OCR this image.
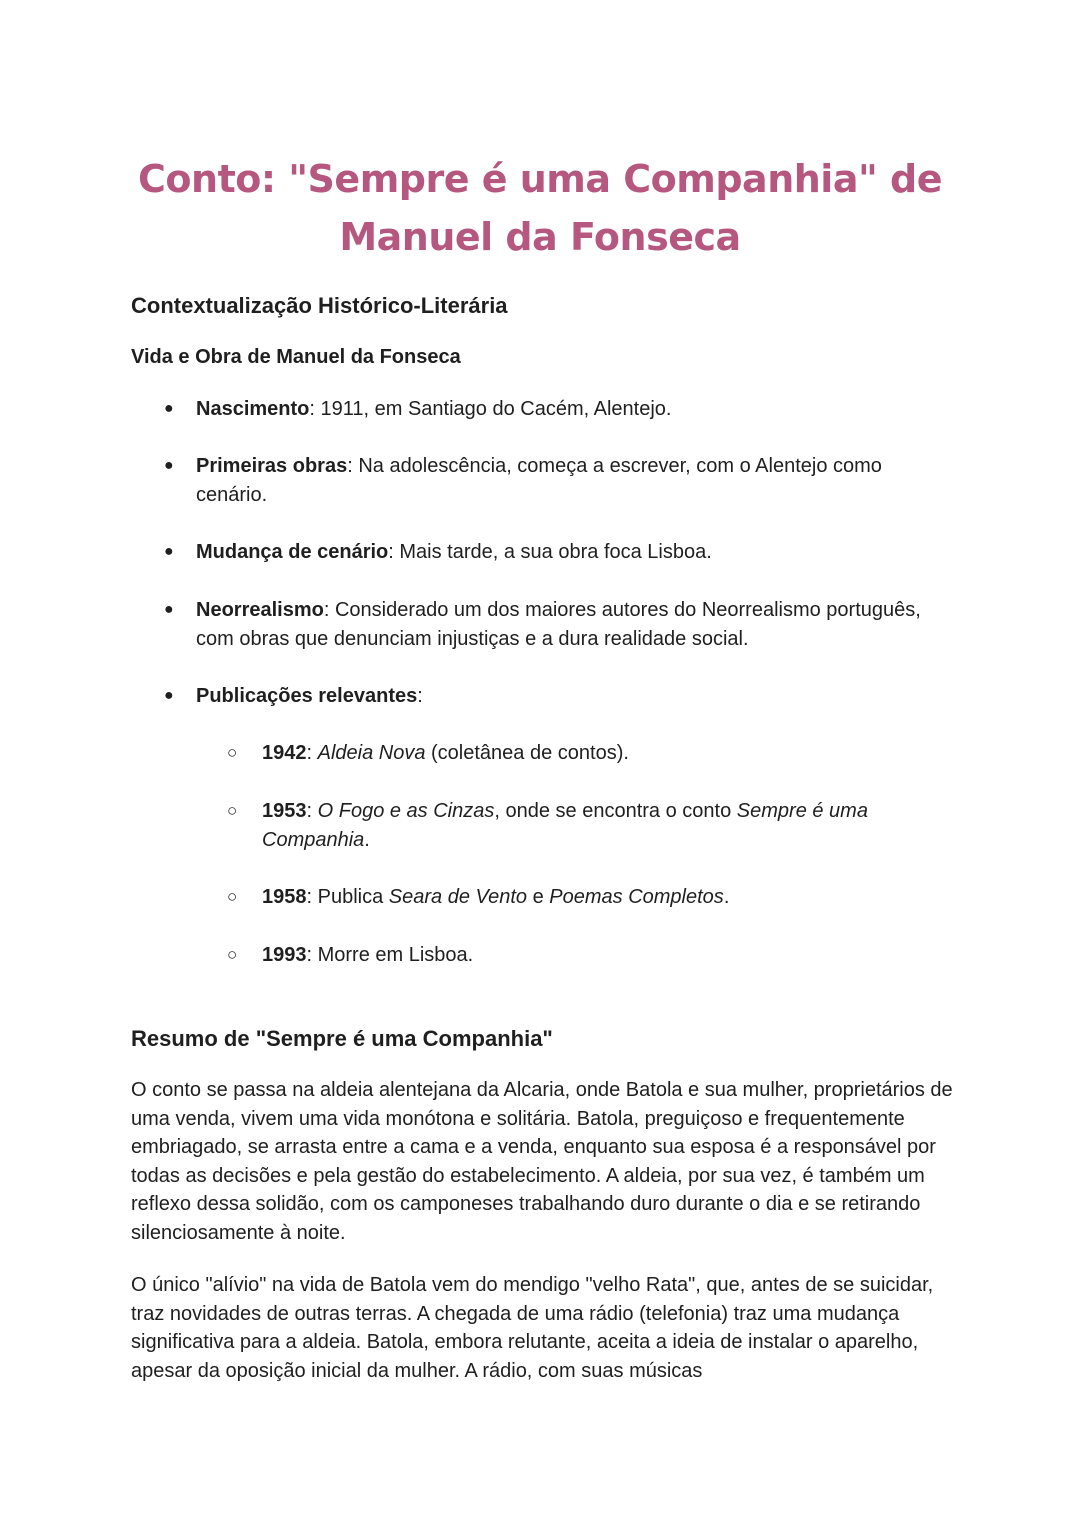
Conto: "Sempre é uma Companhia" de Manuel da Fonseca
Contextualização Histórico-Literária
Vida e Obra de Manuel da Fonseca
● Nascimento: 1911, em Santiago do Cacém, Alentejo.
● Primeiras obras: Na adolescência, começa a escrever, com o Alentejo como cenário.
● Mudança de cenário: Mais tarde, a sua obra foca Lisboa.
● Neorrealismo: Considerado um dos maiores autores do Neorrealismo português, com obras que denunciam injustiças e a dura realidade social.
● Publicações relevantes:
○ 1942: Aldeia Nova (coletânea de contos).
○ 1953: O Fogo e as Cinzas, onde se encontra o conto Sempre é uma Companhia.
○ 1958: Publica Seara de Vento e Poemas Completos.
○ 1993: Morre em Lisboa.
Resumo de "Sempre é uma Companhia"

O conto se passa na aldeia alentejana da Alcaria, onde Batola e sua mulher, proprietários de uma venda, vivem uma vida monótona e solitária. Batola, preguiçoso e frequentemente embriagado, se arrasta entre a cama e a venda, enquanto sua esposa é a responsável por todas as decisões e pela gestão do estabelecimento. A aldeia, por sua vez, é também um reflexo dessa solidão, com os camponeses trabalhando duro durante o dia e se retirando silenciosamente à noite.

O único "alívio" na vida de Batola vem do mendigo "velho Rata", que, antes de se suicidar, traz novidades de outras terras. A chegada de uma rádio (telefonia) traz uma mudança significativa para a aldeia. Batola, embora relutante, aceita a ideia de instalar o aparelho, apesar da oposição inicial da mulher. A rádio, com suas músicas
